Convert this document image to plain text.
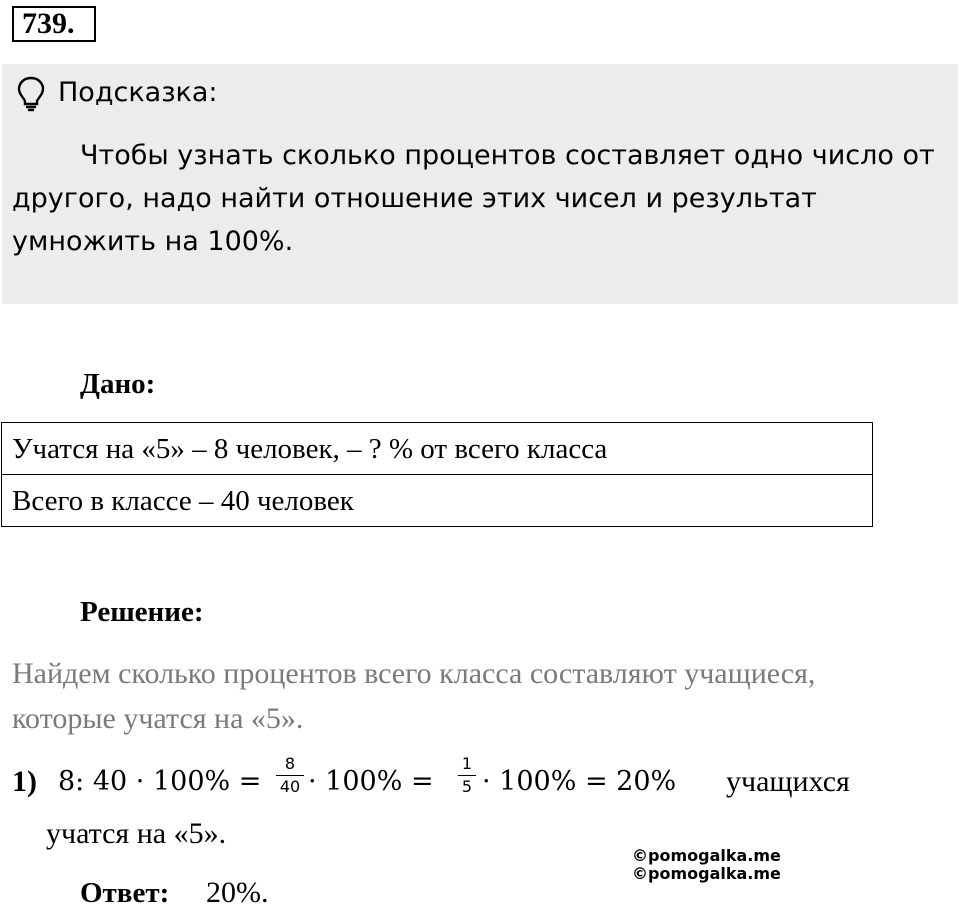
739.
Подсказка:

Чтобы узнать сколько процентов составляет одно число от другого, надо найти отношение этих чисел и результат умножить на 100%.

Дано:
Учатся на «5» – 8 человек, – ? % от всего класса
Всего в классе – 40 человек
Решение:

Найдем сколько процентов всего класса составляют учащиеся, которые учатся на «5».

1) 8: 40 · 100% =
8
40 · 100% =
1
5 · 100% = 20% учащихся
учатся на «5».
©pomogalka.me
©pomogalka.me
Ответ: 20%.
